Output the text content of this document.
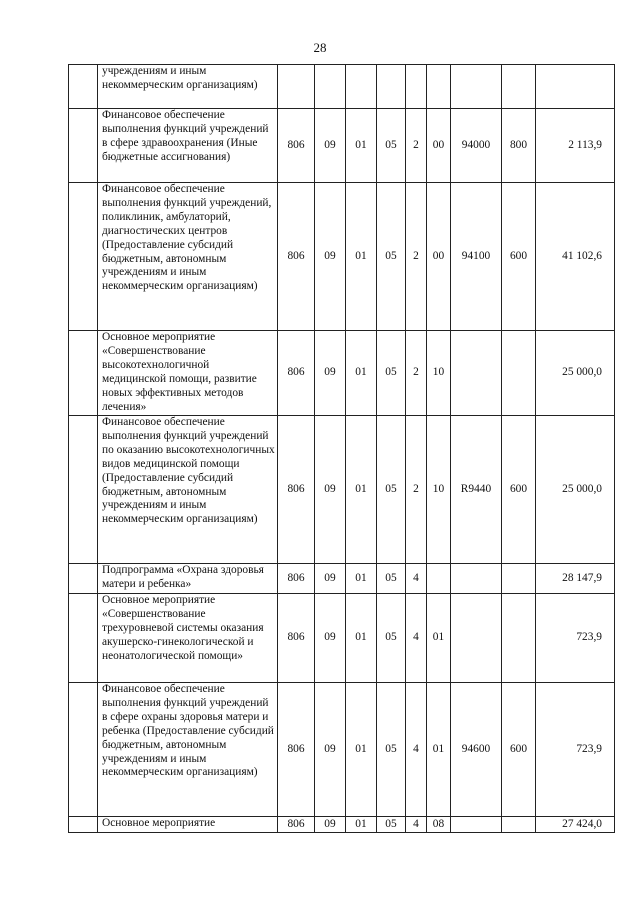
28
	учреждениям и иным некоммерческим организациям)									
	Финансовое обеспечение выполнения функций учреждений в сфере здравоохранения (Иные бюджетные ассигнования)	806	09	01	05	2	00	94000	800	2 113,9
	Финансовое обеспечение выполнения функций учреждений, поликлиник, амбулаторий, диагностических центров (Предоставление субсидий бюджетным, автономным учреждениям и иным некоммерческим организациям)	806	09	01	05	2	00	94100	600	41 102,6
	Основное мероприятие «Совершенствование высокотехнологичной медицинской помощи, развитие новых эффективных методов лечения»	806	09	01	05	2	10			25 000,0
	Финансовое обеспечение выполнения функций учреждений по оказанию высокотехнологичных видов медицинской помощи (Предоставление субсидий бюджетным, автономным учреждениям и иным некоммерческим организациям)	806	09	01	05	2	10	R9440	600	25 000,0
	Подпрограмма «Охрана здоровья матери и ребенка»	806	09	01	05	4				28 147,9
	Основное мероприятие «Совершенствование трехуровневой системы оказания акушерско-гинекологической и неонатологической помощи»	806	09	01	05	4	01			723,9
	Финансовое обеспечение выполнения функций учреждений в сфере охраны здоровья матери и ребенка (Предоставление субсидий бюджетным, автономным учреждениям и иным некоммерческим организациям)	806	09	01	05	4	01	94600	600	723,9
	Основное мероприятие	806	09	01	05	4	08			27 424,0
